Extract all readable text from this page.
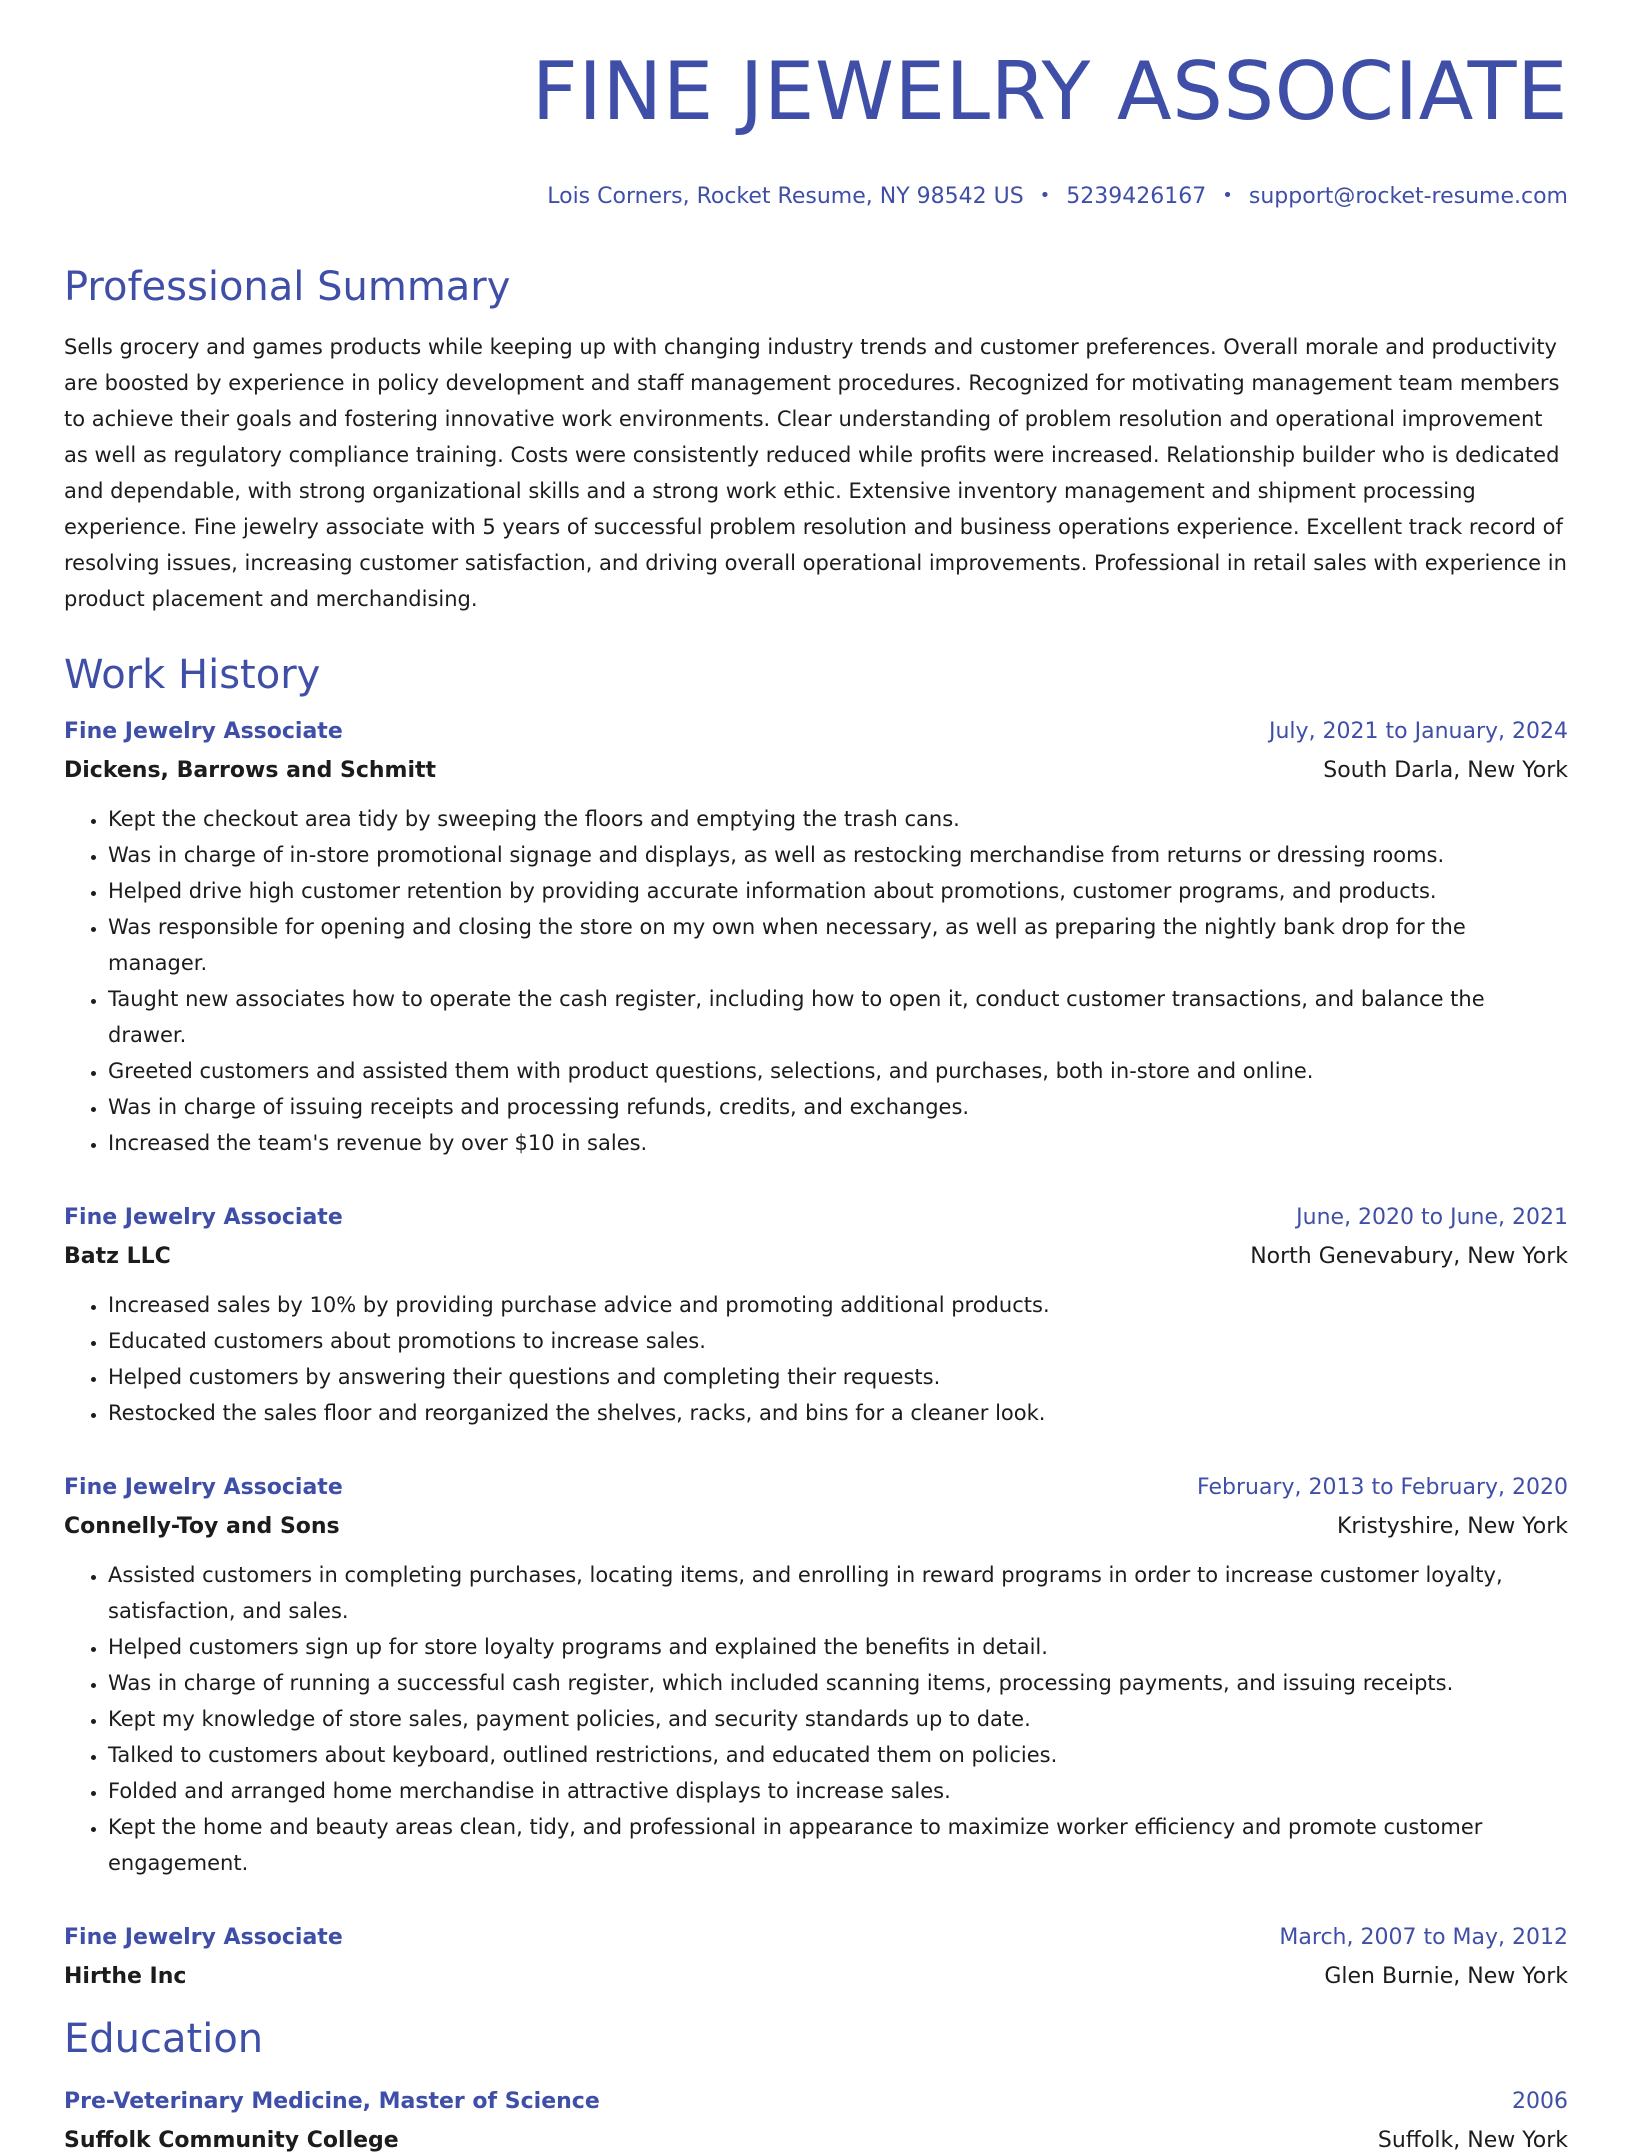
FINE JEWELRY ASSOCIATE
Lois Corners, Rocket Resume, NY 98542 US • 5239426167 • support@rocket-resume.com
Professional Summary

Sells grocery and games products while keeping up with changing industry trends and customer preferences. Overall morale and productivity are boosted by experience in policy development and staff management procedures. Recognized for motivating management team members to achieve their goals and fostering innovative work environments. Clear understanding of problem resolution and operational improvement as well as regulatory compliance training. Costs were consistently reduced while profits were increased. Relationship builder who is dedicated and dependable, with strong organizational skills and a strong work ethic. Extensive inventory management and shipment processing experience. Fine jewelry associate with 5 years of successful problem resolution and business operations experience. Excellent track record of resolving issues, increasing customer satisfaction, and driving overall operational improvements. Professional in retail sales with experience in product placement and merchandising.

Work History
Fine Jewelry Associate	July, 2021 to January, 2024
Dickens, Barrows and Schmitt	South Darla, New York
• Kept the checkout area tidy by sweeping the floors and emptying the trash cans.
• Was in charge of in-store promotional signage and displays, as well as restocking merchandise from returns or dressing rooms.
• Helped drive high customer retention by providing accurate information about promotions, customer programs, and products.
• Was responsible for opening and closing the store on my own when necessary, as well as preparing the nightly bank drop for the manager.
• Taught new associates how to operate the cash register, including how to open it, conduct customer transactions, and balance the drawer.
• Greeted customers and assisted them with product questions, selections, and purchases, both in-store and online.
• Was in charge of issuing receipts and processing refunds, credits, and exchanges.
• Increased the team's revenue by over $10 in sales.
Fine Jewelry Associate	June, 2020 to June, 2021
Batz LLC	North Genevabury, New York
• Increased sales by 10% by providing purchase advice and promoting additional products.
• Educated customers about promotions to increase sales.
• Helped customers by answering their questions and completing their requests.
• Restocked the sales floor and reorganized the shelves, racks, and bins for a cleaner look.
Fine Jewelry Associate	February, 2013 to February, 2020
Connelly-Toy and Sons	Kristyshire, New York
• Assisted customers in completing purchases, locating items, and enrolling in reward programs in order to increase customer loyalty, satisfaction, and sales.
• Helped customers sign up for store loyalty programs and explained the benefits in detail.
• Was in charge of running a successful cash register, which included scanning items, processing payments, and issuing receipts.
• Kept my knowledge of store sales, payment policies, and security standards up to date.
• Talked to customers about keyboard, outlined restrictions, and educated them on policies.
• Folded and arranged home merchandise in attractive displays to increase sales.
• Kept the home and beauty areas clean, tidy, and professional in appearance to maximize worker efficiency and promote customer engagement.
Fine Jewelry Associate	March, 2007 to May, 2012
Hirthe Inc	Glen Burnie, New York
Education
Pre-Veterinary Medicine, Master of Science	2006
Suffolk Community College	Suffolk, New York
